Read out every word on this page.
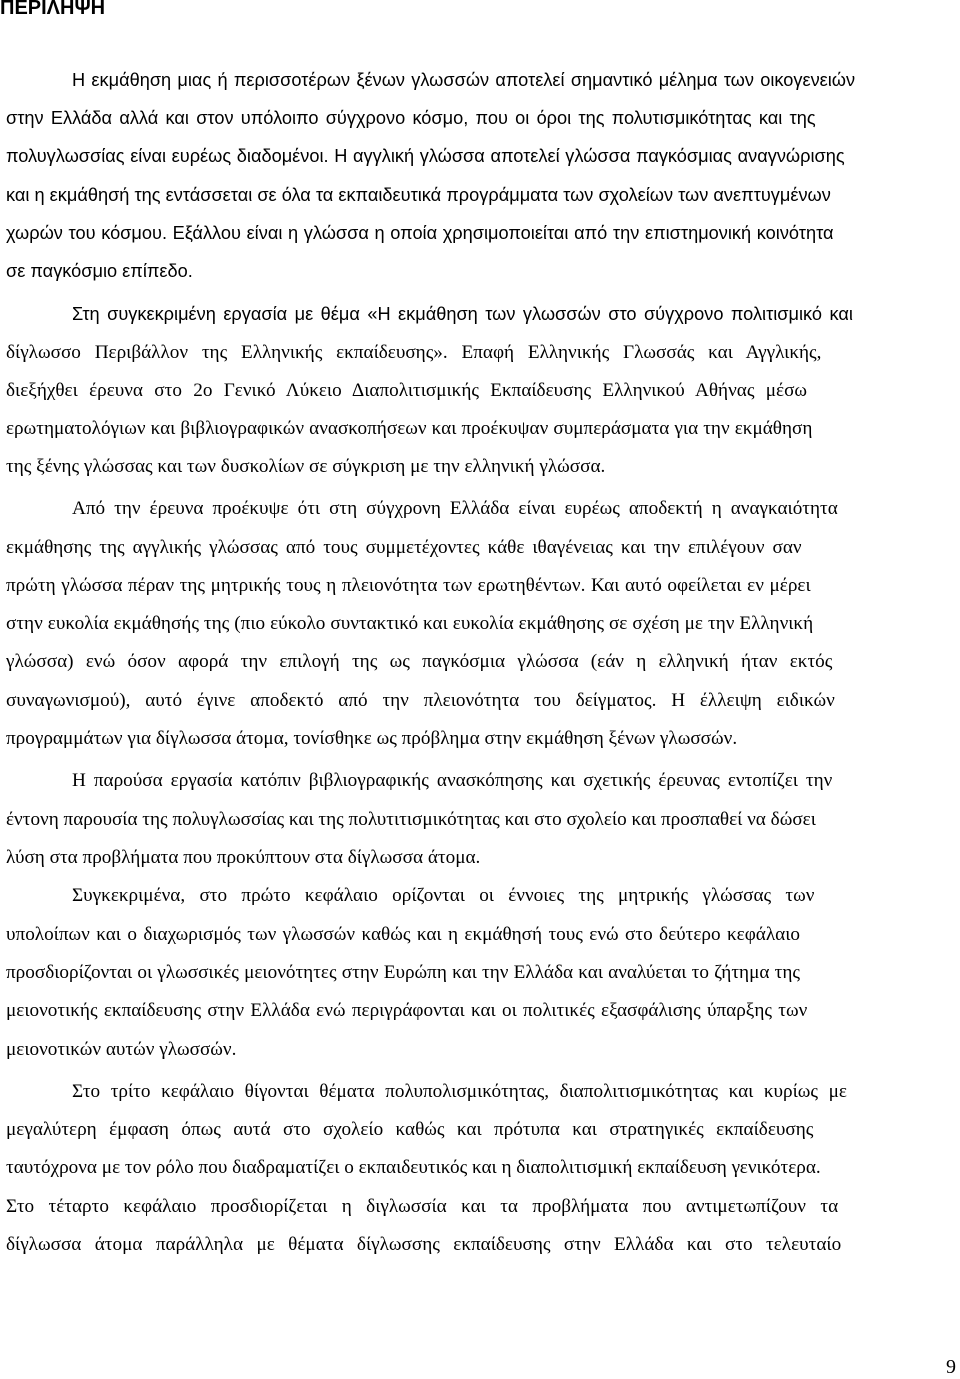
ΠΕΡΙΛΗΨΗ
Η εκμάθηση μιας ή περισσοτέρων ξένων γλωσσών αποτελεί σημαντικό μέλημα των οικογενειών
στην Ελλάδα αλλά και στον υπόλοιπο σύγχρονο κόσμο, που οι όροι της πολυτισμικότητας και της
πολυγλωσσίας είναι ευρέως διαδομένοι. Η αγγλική γλώσσα αποτελεί γλώσσα παγκόσμιας αναγνώρισης
και η εκμάθησή της εντάσσεται σε όλα τα εκπαιδευτικά προγράμματα των σχολείων των ανεπτυγμένων
χωρών του κόσμου. Εξάλλου είναι η γλώσσα η οποία χρησιμοποιείται από την επιστημονική κοινότητα
σε παγκόσμιο επίπεδο.
Στη συγκεκριμένη εργασία με θέμα «Η εκμάθηση των γλωσσών στο σύγχρονο πολιτισμικό και
δίγλωσσο Περιβάλλον της Ελληνικής εκπαίδευσης». Επαφή Ελληνικής Γλωσσάς και Αγγλικής,
διεξήχθει έρευνα στο 2ο Γενικό Λύκειο Διαπολιτισμικής Εκπαίδευσης Ελληνικού Αθήνας μέσω
ερωτηματολόγιων και βιβλιογραφικών ανασκοπήσεων και προέκυψαν συμπεράσματα για την εκμάθηση
της ξένης γλώσσας και των δυσκολίων σε σύγκριση με την ελληνική γλώσσα.
Από την έρευνα προέκυψε ότι στη σύγχρονη Ελλάδα είναι ευρέως αποδεκτή η αναγκαιότητα
εκμάθησης της αγγλικής γλώσσας από τους συμμετέχοντες κάθε ιθαγένειας και την επιλέγουν σαν
πρώτη γλώσσα πέραν της μητρικής τους η πλειονότητα των ερωτηθέντων. Και αυτό οφείλεται εν μέρει
στην ευκολία εκμάθησής της (πιο εύκολο συντακτικό και ευκολία εκμάθησης σε σχέση με την Ελληνική
γλώσσα) ενώ όσον αφορά την επιλογή της ως παγκόσμια γλώσσα (εάν η ελληνική ήταν εκτός
συναγωνισμού), αυτό έγινε αποδεκτό από την πλειονότητα του δείγματος. Η έλλειψη ειδικών
προγραμμάτων για δίγλωσσα άτομα, τονίσθηκε ως πρόβλημα στην εκμάθηση ξένων γλωσσών.
Η παρούσα εργασία κατόπιν βιβλιογραφικής ανασκόπησης και σχετικής έρευνας εντοπίζει την
έντονη παρουσία της πολυγλωσσίας και της πολυτιτισμικότητας και στο σχολείο και προσπαθεί να δώσει
λύση στα προβλήματα που προκύπτουν στα δίγλωσσα άτομα.
Συγκεκριμένα, στο πρώτο κεφάλαιο ορίζονται οι έννοιες της μητρικής γλώσσας των
υπολοίπων και ο διαχωρισμός των γλωσσών καθώς και η εκμάθησή τους ενώ στο δεύτερο κεφάλαιο
προσδιορίζονται οι γλωσσικές μειονότητες στην Ευρώπη και την Ελλάδα και αναλύεται το ζήτημα της
μειονοτικής εκπαίδευσης στην Ελλάδα ενώ περιγράφονται και οι πολιτικές εξασφάλισης ύπαρξης των
μειονοτικών αυτών γλωσσών.
Στο τρίτο κεφάλαιο θίγονται θέματα πολυπολισμικότητας, διαπολιτισμικότητας και κυρίως με
μεγαλύτερη έμφαση όπως αυτά στο σχολείο καθώς και πρότυπα και στρατηγικές εκπαίδευσης
ταυτόχρονα με τον ρόλο που διαδραματίζει ο εκπαιδευτικός και η διαπολιτισμική εκπαίδευση γενικότερα.
Στο τέταρτο κεφάλαιο προσδιορίζεται η διγλωσσία και τα προβλήματα που αντιμετωπίζουν τα
δίγλωσσα άτομα παράλληλα με θέματα δίγλωσσης εκπαίδευσης στην Ελλάδα και στο τελευταίο
9
